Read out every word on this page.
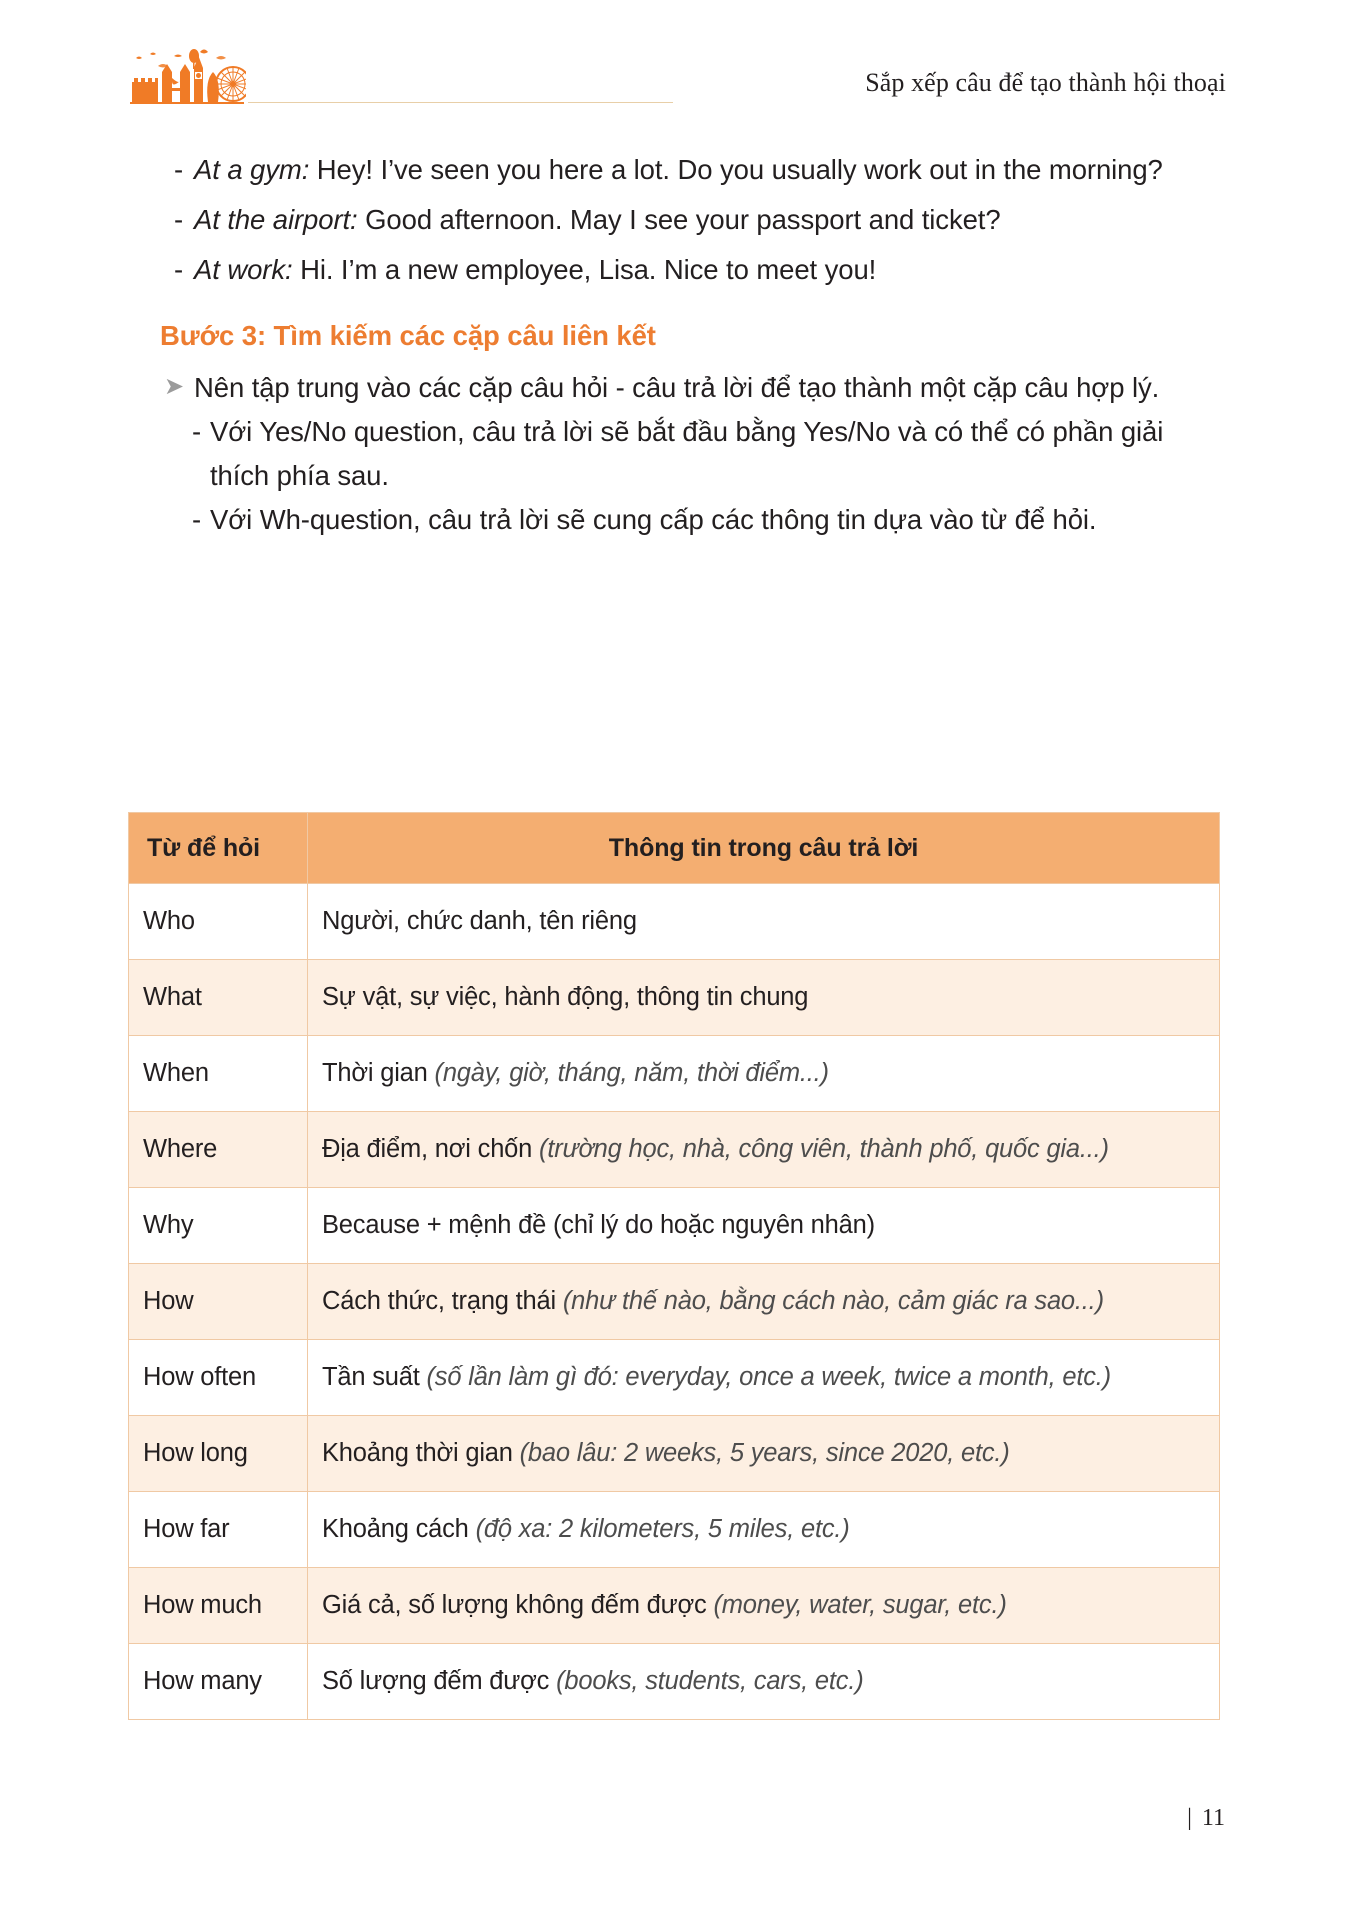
Sắp xếp câu để tạo thành hội thoại
- At a gym: Hey! I’ve seen you here a lot. Do you usually work out in the morning?
- At the airport: Good afternoon. May I see your passport and ticket?
- At work: Hi. I’m a new employee, Lisa. Nice to meet you!
Bước 3: Tìm kiếm các cặp câu liên kết
➤ Nên tập trung vào các cặp câu hỏi - câu trả lời để tạo thành một cặp câu hợp lý.
- Với Yes/No question, câu trả lời sẽ bắt đầu bằng Yes/No và có thể có phần giải thích phía sau.
- Với Wh-question, câu trả lời sẽ cung cấp các thông tin dựa vào từ để hỏi.
Từ để hỏi	Thông tin trong câu trả lời
Who	Người, chức danh, tên riêng
What	Sự vật, sự việc, hành động, thông tin chung
When	Thời gian (ngày, giờ, tháng, năm, thời điểm...)
Where	Địa điểm, nơi chốn (trường học, nhà, công viên, thành phố, quốc gia...)
Why	Because + mệnh đề (chỉ lý do hoặc nguyên nhân)
How	Cách thức, trạng thái (như thế nào, bằng cách nào, cảm giác ra sao...)
How often	Tần suất (số lần làm gì đó: everyday, once a week, twice a month, etc.)
How long	Khoảng thời gian (bao lâu: 2 weeks, 5 years, since 2020, etc.)
How far	Khoảng cách (độ xa: 2 kilometers, 5 miles, etc.)
How much	Giá cả, số lượng không đếm được (money, water, sugar, etc.)
How many	Số lượng đếm được (books, students, cars, etc.)
| 11
